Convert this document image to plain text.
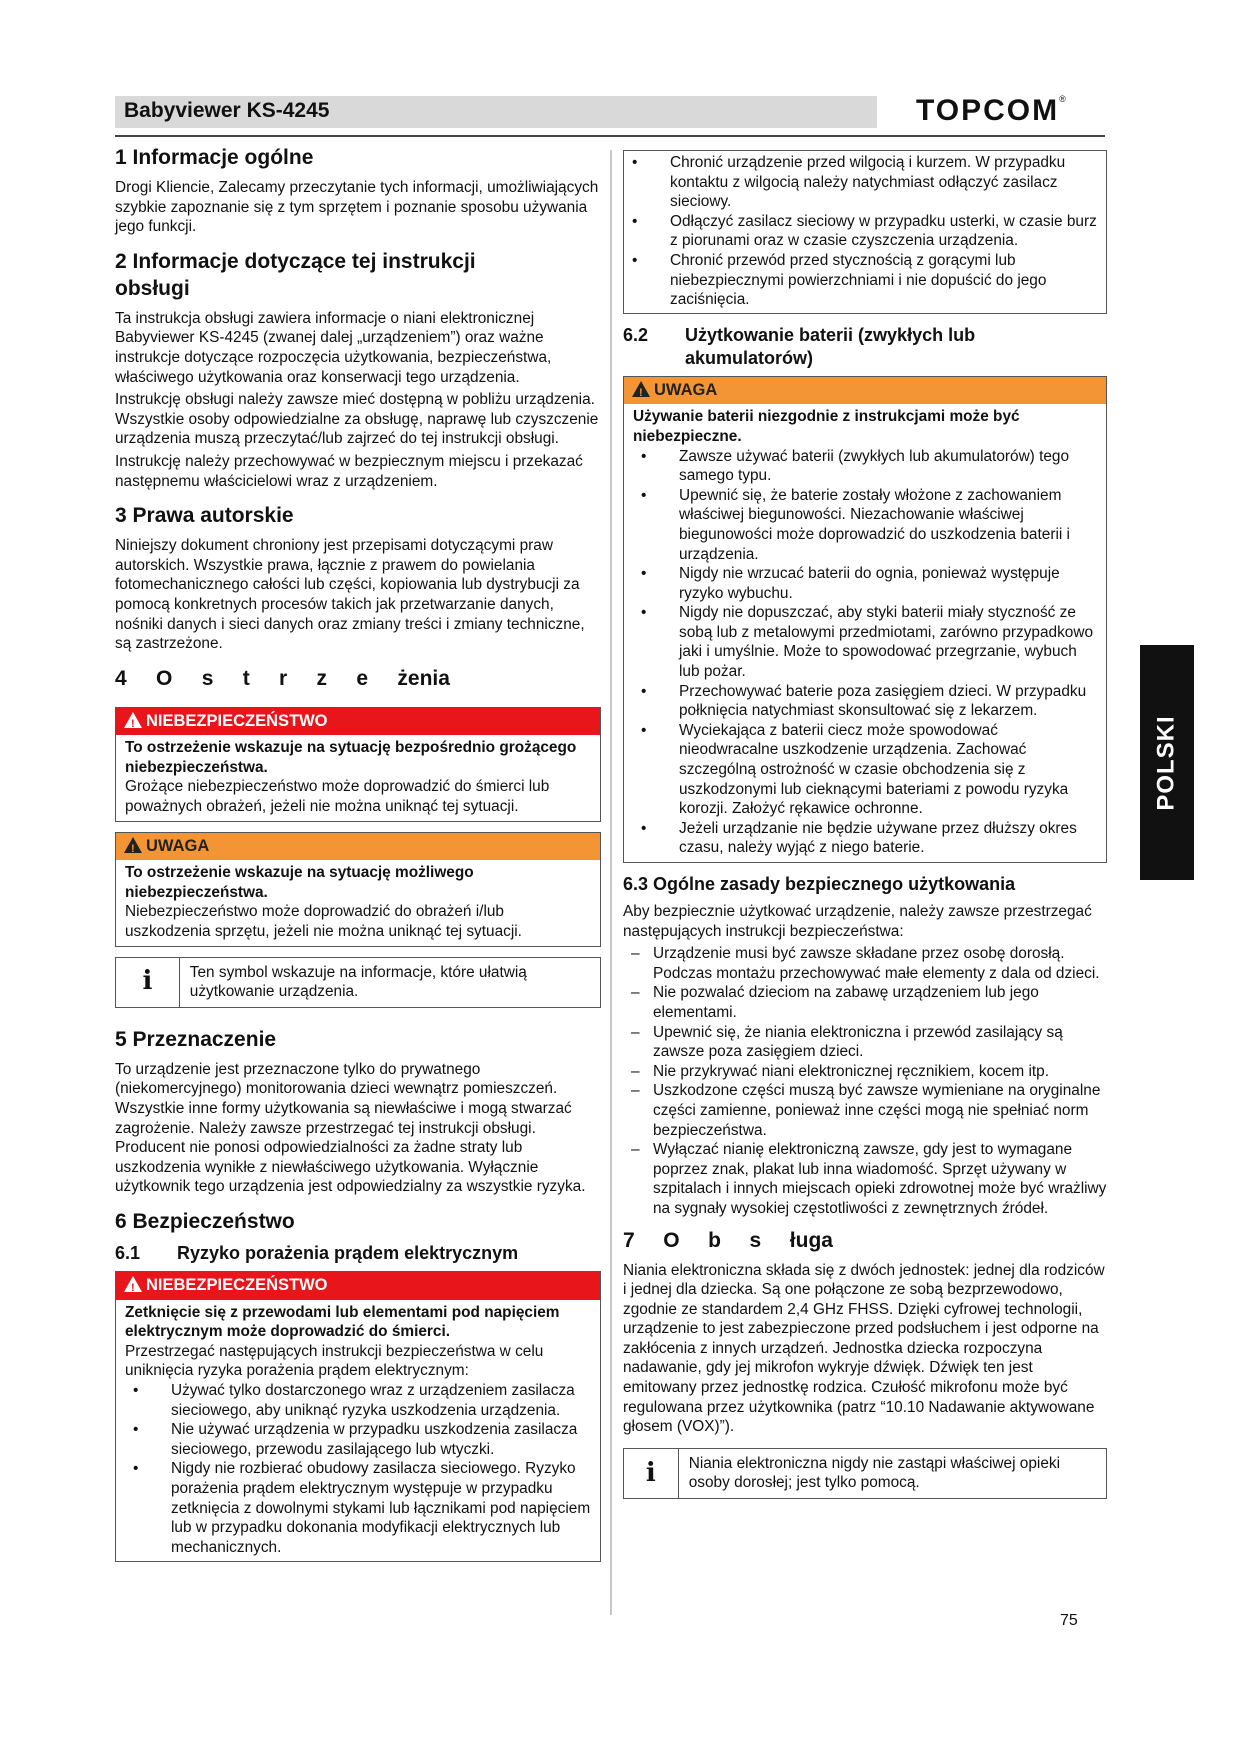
Babyviewer KS-4245	TOPCOM®
1 Informacje ogólne

Drogi Kliencie, Zalecamy przeczytanie tych informacji, umożliwiających szybkie zapoznanie się z tym sprzętem i poznanie sposobu używania jego funkcji.

2 Informacje dotyczące tej instrukcji obsługi

Ta instrukcja obsługi zawiera informacje o niani elektronicznej Babyviewer KS-4245 (zwanej dalej „urządzeniem”) oraz ważne instrukcje dotyczące rozpoczęcia użytkowania, bezpieczeństwa, właściwego użytkowania oraz konserwacji tego urządzenia.

Instrukcję obsługi należy zawsze mieć dostępną w pobliżu urządzenia. Wszystkie osoby odpowiedzialne za obsługę, naprawę lub czyszczenie urządzenia muszą przeczytać/lub zajrzeć do tej instrukcji obsługi.

Instrukcję należy przechowywać w bezpiecznym miejscu i przekazać następnemu właścicielowi wraz z urządzeniem.

3 Prawa autorskie

Niniejszy dokument chroniony jest przepisami dotyczącymi praw autorskich. Wszystkie prawa, łącznie z prawem do powielania fotomechanicznego całości lub części, kopiowania lub dystrybucji za pomocą konkretnych procesów takich jak przetwarzanie danych, nośniki danych i sieci danych oraz zmiany treści i zmiany techniczne, są zastrzeżone.

4 O s t r z e żenia
! NIEBEZPIECZEŃSTWO
To ostrzeżenie wskazuje na sytuację bezpośrednio grożącego niebezpieczeństwa.
Grożące niebezpieczeństwo może doprowadzić do śmierci lub poważnych obrażeń, jeżeli nie można uniknąć tej sytuacji.
! UWAGA
To ostrzeżenie wskazuje na sytuację możliwego niebezpieczeństwa.
Niebezpieczeństwo może doprowadzić do obrażeń i/lub uszkodzenia sprzętu, jeżeli nie można uniknąć tej sytuacji.
i	Ten symbol wskazuje na informacje, które ułatwią użytkowanie urządzenia.
5 Przeznaczenie

To urządzenie jest przeznaczone tylko do prywatnego (niekomercyjnego) monitorowania dzieci wewnątrz pomieszczeń. Wszystkie inne formy użytkowania są niewłaściwe i mogą stwarzać zagrożenie. Należy zawsze przestrzegać tej instrukcji obsługi. Producent nie ponosi odpowiedzialności za żadne straty lub uszkodzenia wynikłe z niewłaściwego użytkowania. Wyłącznie użytkownik tego urządzenia jest odpowiedzialny za wszystkie ryzyka.

6 Bezpieczeństwo
6.1	Ryzyko porażenia prądem elektrycznym
! NIEBEZPIECZEŃSTWO
Zetknięcie się z przewodami lub elementami pod napięciem elektrycznym może doprowadzić do śmierci.
Przestrzegać następujących instrukcji bezpieczeństwa w celu uniknięcia ryzyka porażenia prądem elektrycznym:
• Używać tylko dostarczonego wraz z urządzeniem zasilacza sieciowego, aby uniknąć ryzyka uszkodzenia urządzenia.
• Nie używać urządzenia w przypadku uszkodzenia zasilacza sieciowego, przewodu zasilającego lub wtyczki.
• Nigdy nie rozbierać obudowy zasilacza sieciowego. Ryzyko porażenia prądem elektrycznym występuje w przypadku zetknięcia z dowolnymi stykami lub łącznikami pod napięciem lub w przypadku dokonania modyfikacji elektrycznych lub mechanicznych.
• Chronić urządzenie przed wilgocią i kurzem. W przypadku kontaktu z wilgocią należy natychmiast odłączyć zasilacz sieciowy.
• Odłączyć zasilacz sieciowy w przypadku usterki, w czasie burz z piorunami oraz w czasie czyszczenia urządzenia.
• Chronić przewód przed stycznością z gorącymi lub niebezpiecznymi powierzchniami i nie dopuścić do jego zaciśnięcia.
6.2	Użytkowanie baterii (zwykłych lub akumulatorów)
! UWAGA
Używanie baterii niezgodnie z instrukcjami może być niebezpieczne.
• Zawsze używać baterii (zwykłych lub akumulatorów) tego samego typu.
• Upewnić się, że baterie zostały włożone z zachowaniem właściwej biegunowości. Niezachowanie właściwej biegunowości może doprowadzić do uszkodzenia baterii i urządzenia.
• Nigdy nie wrzucać baterii do ognia, ponieważ występuje ryzyko wybuchu.
• Nigdy nie dopuszczać, aby styki baterii miały styczność ze sobą lub z metalowymi przedmiotami, zarówno przypadkowo jaki i umyślnie. Może to spowodować przegrzanie, wybuch lub pożar.
• Przechowywać baterie poza zasięgiem dzieci. W przypadku połknięcia natychmiast skonsultować się z lekarzem.
• Wyciekająca z baterii ciecz może spowodować nieodwracalne uszkodzenie urządzenia. Zachować szczególną ostrożność w czasie obchodzenia się z uszkodzonymi lub cieknącymi bateriami z powodu ryzyka korozji. Założyć rękawice ochronne.
• Jeżeli urządzanie nie będzie używane przez dłuższy okres czasu, należy wyjąć z niego baterie.
6.3 Ogólne zasady bezpiecznego użytkowania

Aby bezpiecznie użytkować urządzenie, należy zawsze przestrzegać następujących instrukcji bezpieczeństwa:

– Urządzenie musi być zawsze składane przez osobę dorosłą. Podczas montażu przechowywać małe elementy z dala od dzieci.
– Nie pozwalać dzieciom na zabawę urządzeniem lub jego elementami.
– Upewnić się, że niania elektroniczna i przewód zasilający są zawsze poza zasięgiem dzieci.
– Nie przykrywać niani elektronicznej ręcznikiem, kocem itp.
– Uszkodzone części muszą być zawsze wymieniane na oryginalne części zamienne, ponieważ inne części mogą nie spełniać norm bezpieczeństwa.
– Wyłączać nianię elektroniczną zawsze, gdy jest to wymagane poprzez znak, plakat lub inna wiadomość. Sprzęt używany w szpitalach i innych miejscach opieki zdrowotnej może być wrażliwy na sygnały wysokiej częstotliwości z zewnętrznych źródeł.
7 O b s ługa

Niania elektroniczna składa się z dwóch jednostek: jednej dla rodziców i jednej dla dziecka. Są one połączone ze sobą bezprzewodowo, zgodnie ze standardem 2,4 GHz FHSS. Dzięki cyfrowej technologii, urządzenie to jest zabezpieczone przed podsłuchem i jest odporne na zakłócenia z innych urządzeń. Jednostka dziecka rozpoczyna nadawanie, gdy jej mikrofon wykryje dźwięk. Dźwięk ten jest emitowany przez jednostkę rodzica. Czułość mikrofonu może być regulowana przez użytkownika (patrz “10.10 Nadawanie aktywowane głosem (VOX)”).

i	Niania elektroniczna nigdy nie zastąpi właściwej opieki osoby dorosłej; jest tylko pomocą.
POLSKI
75
